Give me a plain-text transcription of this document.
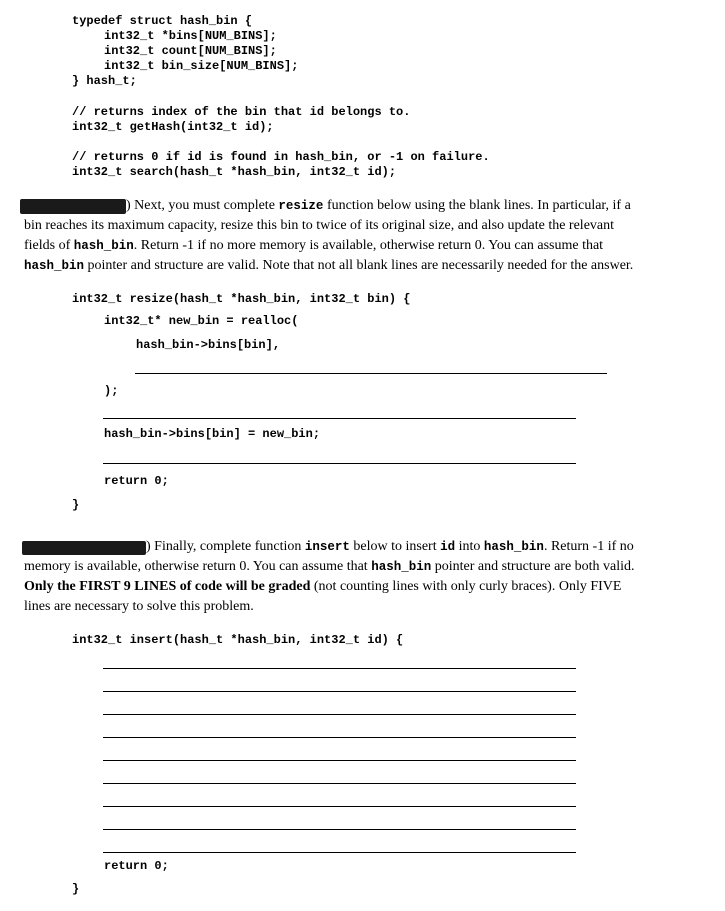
typedef struct hash_bin {
int32_t *bins[NUM_BINS];
int32_t count[NUM_BINS];
int32_t bin_size[NUM_BINS];
} hash_t;
// returns index of the bin that id belongs to.
int32_t getHash(int32_t id);
// returns 0 if id is found in hash_bin, or -1 on failure.
int32_t search(hash_t *hash_bin, int32_t id);
) Next, you must complete resize function below using the blank lines. In particular, if a
bin reaches its maximum capacity, resize this bin to twice of its original size, and also update the relevant
fields of hash_bin. Return -1 if no more memory is available, otherwise return 0. You can assume that
hash_bin pointer and structure are valid. Note that not all blank lines are necessarily needed for the answer.
int32_t resize(hash_t *hash_bin, int32_t bin) {
int32_t* new_bin = realloc(
hash_bin->bins[bin],
);
hash_bin->bins[bin] = new_bin;
return 0;
}
) Finally, complete function insert below to insert id into hash_bin. Return -1 if no
memory is available, otherwise return 0. You can assume that hash_bin pointer and structure are both valid.
Only the FIRST 9 LINES of code will be graded (not counting lines with only curly braces). Only FIVE
lines are necessary to solve this problem.
int32_t insert(hash_t *hash_bin, int32_t id) {
return 0;
}
